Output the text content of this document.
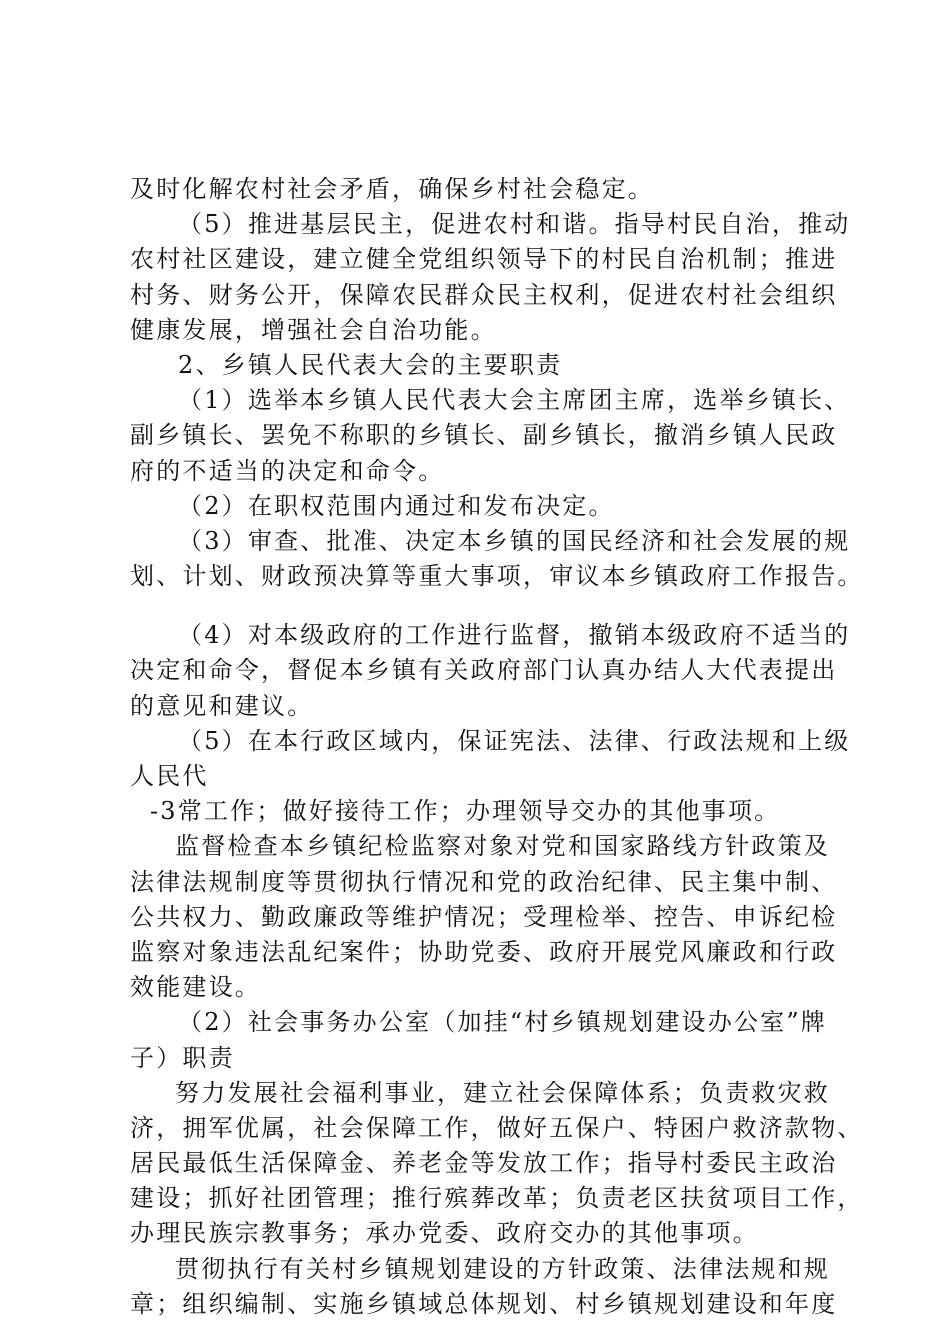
及时化解农村社会矛盾，确保乡村社会稳定。
（5）推进基层民主，促进农村和谐。指导村民自治，推动
农村社区建设，建立健全党组织领导下的村民自治机制；推进
村务、财务公开，保障农民群众民主权利，促进农村社会组织
健康发展，增强社会自治功能。
2、乡镇人民代表大会的主要职责
（1）选举本乡镇人民代表大会主席团主席，选举乡镇长、
副乡镇长、罢免不称职的乡镇长、副乡镇长，撤消乡镇人民政
府的不适当的决定和命令。
（2）在职权范围内通过和发布决定。
（3）审查、批准、决定本乡镇的国民经济和社会发展的规
划、计划、财政预决算等重大事项，审议本乡镇政府工作报告。
（4）对本级政府的工作进行监督，撤销本级政府不适当的
决定和命令，督促本乡镇有关政府部门认真办结人大代表提出
的意见和建议。
（5）在本行政区域内，保证宪法、法律、行政法规和上级
人民代
-3常工作；做好接待工作；办理领导交办的其他事项。
监督检查本乡镇纪检监察对象对党和国家路线方针政策及
法律法规制度等贯彻执行情况和党的政治纪律、民主集中制、
公共权力、勤政廉政等维护情况；受理检举、控告、申诉纪检
监察对象违法乱纪案件；协助党委、政府开展党风廉政和行政
效能建设。
（2）社会事务办公室（加挂“村乡镇规划建设办公室”牌
子）职责
努力发展社会福利事业，建立社会保障体系；负责救灾救
济，拥军优属，社会保障工作，做好五保户、特困户救济款物、
居民最低生活保障金、养老金等发放工作；指导村委民主政治
建设；抓好社团管理；推行殡葬改革；负责老区扶贫项目工作，
办理民族宗教事务；承办党委、政府交办的其他事项。
贯彻执行有关村乡镇规划建设的方针政策、法律法规和规
章；组织编制、实施乡镇域总体规划、村乡镇规划建设和年度
